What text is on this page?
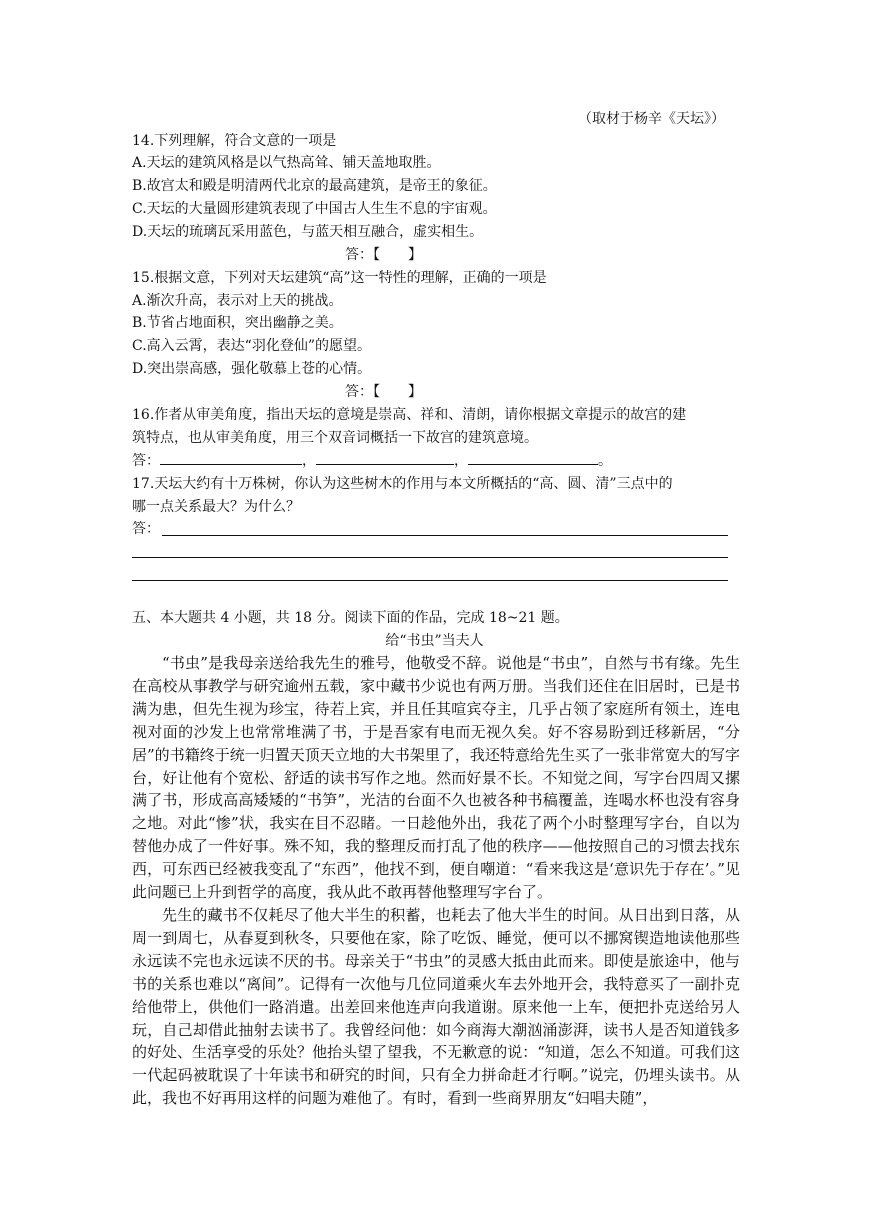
（取材于杨辛《天坛》）
14.下列理解，符合文意的一项是
A.天坛的建筑风格是以气热高耸、铺天盖地取胜。
B.故宫太和殿是明清两代北京的最高建筑，是帝王的象征。
C.天坛的大量圆形建筑表现了中国古人生生不息的宇宙观。
D.天坛的琉璃瓦采用蓝色，与蓝天相互融合，虚实相生。
答：【　　】
15.根据文意，下列对天坛建筑“高”这一特性的理解，正确的一项是
A.渐次升高，表示对上天的挑战。
B.节省占地面积，突出幽静之美。
C.高入云霄，表达“羽化登仙”的愿望。
D.突出崇高感，强化敬慕上苍的心情。
答：【　　】
16.作者从审美角度，指出天坛的意境是崇高、祥和、清朗，请你根据文章提示的故宫的建
筑特点，也从审美角度，用三个双音词概括一下故宫的建筑意境。
答：	，	，	。
17.天坛大约有十万株树，你认为这些树木的作用与本文所概括的“高、圆、清”三点中的
哪一点关系最大？为什么？
答：
五、本大题共 4 小题，共 18 分。阅读下面的作品，完成 18~21 题。
给“书虫”当夫人

“书虫”是我母亲送给我先生的雅号，他敬受不辞。说他是“书虫”，自然与书有缘。先生在高校从事教学与研究逾州五载，家中藏书少说也有两万册。当我们还住在旧居时，已是书满为患，但先生视为珍宝，待若上宾，并且任其喧宾夺主，几乎占领了家庭所有领土，连电视对面的沙发上也常常堆满了书，于是吾家有电而无视久矣。好不容易盼到迁移新居，“分居”的书籍终于统一归置天顶天立地的大书架里了，我还特意给先生买了一张非常宽大的写字台，好让他有个宽松、舒适的读书写作之地。然而好景不长。不知觉之间，写字台四周又摞满了书，形成高高矮矮的“书笋”，光洁的台面不久也被各种书稿覆盖，连喝水杯也没有容身之地。对此“惨”状，我实在目不忍睹。一日趁他外出，我花了两个小时整理写字台，自以为替他办成了一件好事。殊不知，我的整理反而打乱了他的秩序——他按照自己的习惯去找东西，可东西已经被我变乱了“东西”，他找不到，便自嘲道：“看来我这是‘意识先于存在’。”见此问题已上升到哲学的高度，我从此不敢再替他整理写字台了。

先生的藏书不仅耗尽了他大半生的积蓄，也耗去了他大半生的时间。从日出到日落，从周一到周七，从春夏到秋冬，只要他在家，除了吃饭、睡觉，便可以不挪窝锲造地读他那些永远读不完也永远读不厌的书。母亲关于“书虫”的灵感大抵由此而来。即使是旅途中，他与书的关系也难以“离间”。记得有一次他与几位同道乘火车去外地开会，我特意买了一副扑克给他带上，供他们一路消遣。出差回来他连声向我道谢。原来他一上车，便把扑克送给另人玩，自己却借此抽射去读书了。我曾经问他：如今商海大潮汹涌澎湃，读书人是否知道钱多的好处、生活享受的乐处？他抬头望了望我，不无歉意的说：“知道，怎么不知道。可我们这一代起码被耽误了十年读书和研究的时间，只有全力拼命赶才行啊。”说完，仍埋头读书。从此，我也不好再用这样的问题为难他了。有时，看到一些商界朋友“妇唱夫随”，
